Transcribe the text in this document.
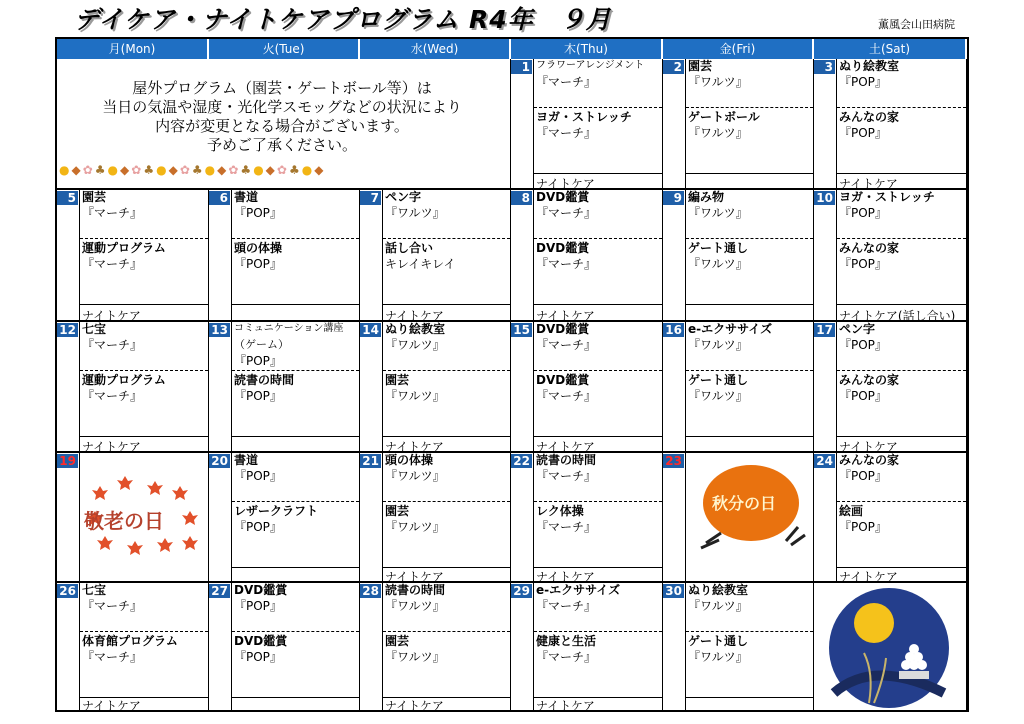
デイケア・ナイトケアプログラム R4年　９月	薫風会山田病院
月(Mon)	火(Tue)	水(Wed)	木(Thu)	金(Fri)	土(Sat)
屋外プログラム（園芸・ゲートボール等）は
当日の気温や湿度・光化学スモッグなどの状況により
内容が変更となる場合がございます。
予めご了承ください。
● ◆ ✿ ♣ ● ◆ ✿ ♣ ● ◆ ✿ ♣ ● ◆ ✿ ♣ ● ◆ ✿ ♣ ● ◆
1 フラワーアレンジメント
『マーチ』
ヨガ・ストレッチ
『マーチ』
ナイトケア
2 園芸
『ワルツ』
ゲートボール
『ワルツ』
3 ぬり絵教室
『POP』
みんなの家
『POP』
ナイトケア
5 園芸
『マーチ』
運動プログラム
『マーチ』
ナイトケア
6 書道
『POP』
頭の体操
『POP』
7 ペン字
『ワルツ』
話し合い
キレイキレイ
ナイトケア
8 DVD鑑賞
『マーチ』
DVD鑑賞
『マーチ』
ナイトケア
9 編み物
『ワルツ』
ゲート通し
『ワルツ』
10 ヨガ・ストレッチ
『POP』
みんなの家
『POP』
ナイトケア(話し合い)
12 七宝
『マーチ』
運動プログラム
『マーチ』
ナイトケア
13 コミュニケーション講座
（ゲーム）
『POP』
読書の時間
『POP』
14 ぬり絵教室
『ワルツ』
園芸
『ワルツ』
ナイトケア
15 DVD鑑賞
『マーチ』
DVD鑑賞
『マーチ』
ナイトケア
16 e-エクササイズ
『ワルツ』
ゲート通し
『ワルツ』
17 ペン字
『POP』
みんなの家
『POP』
ナイトケア
19
敬老の日
20 書道
『POP』
レザークラフト
『POP』
21 頭の体操
『ワルツ』
園芸
『ワルツ』
ナイトケア
22 読書の時間
『マーチ』
レク体操
『マーチ』
ナイトケア
23
秋分の日
24 みんなの家
『POP』
絵画
『POP』
ナイトケア
26 七宝
『マーチ』
体育館プログラム
『マーチ』
ナイトケア
27 DVD鑑賞
『POP』
DVD鑑賞
『POP』
28 読書の時間
『ワルツ』
園芸
『ワルツ』
ナイトケア
29 e-エクササイズ
『マーチ』
健康と生活
『マーチ』
ナイトケア
30 ぬり絵教室
『ワルツ』
ゲート通し
『ワルツ』
